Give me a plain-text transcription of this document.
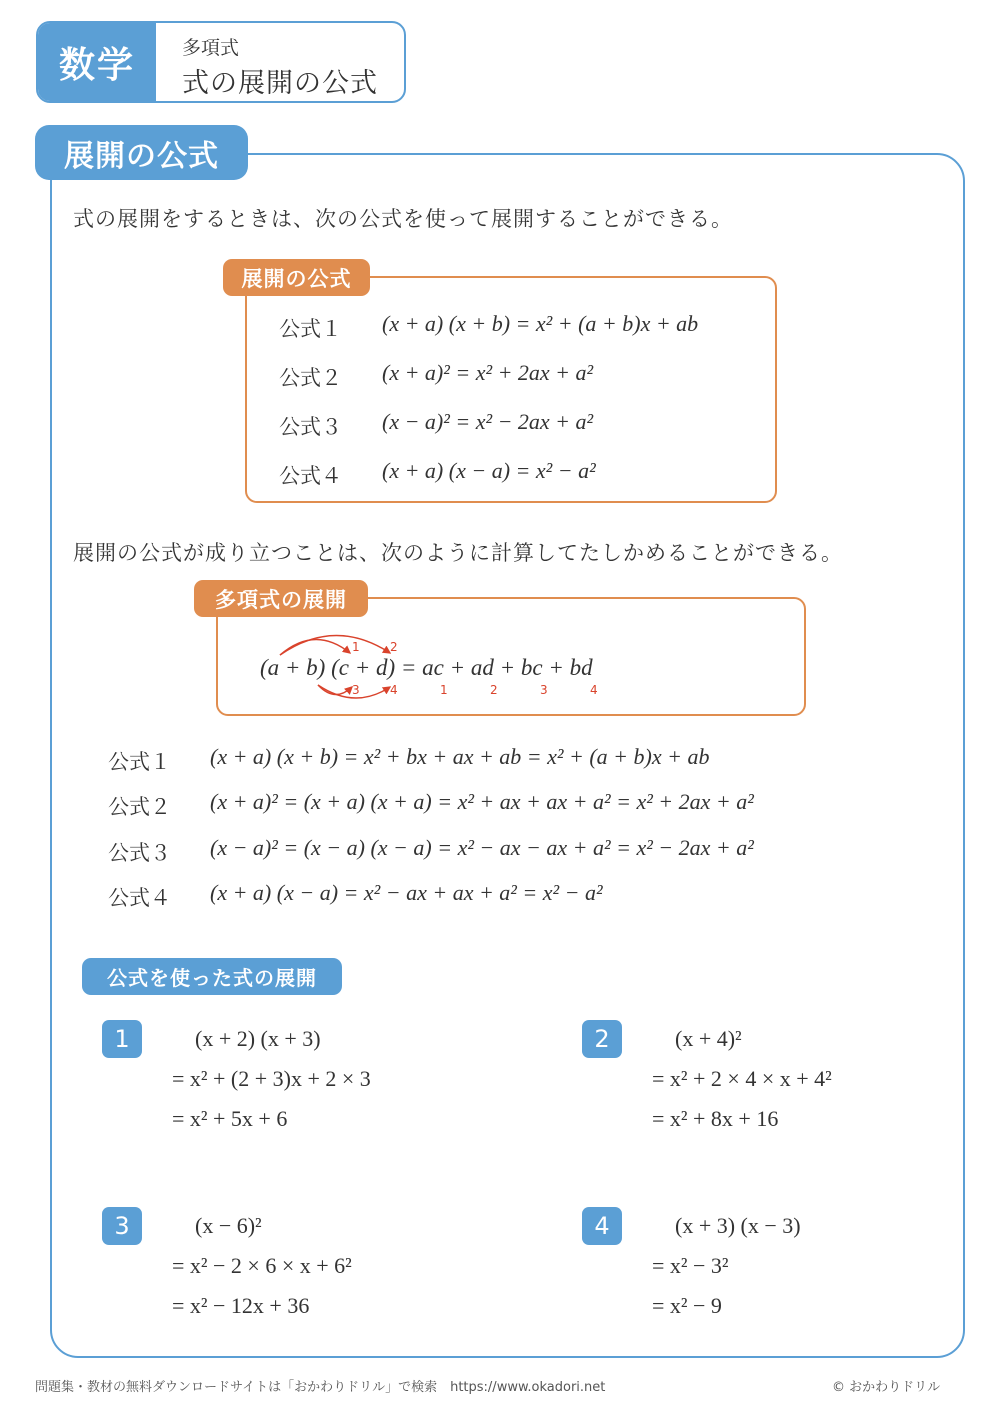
数学	多項式
式の展開の公式
展開の公式
式の展開をするときは、次の公式を使って展開することができる。
展開の公式
公式１ (x + a) (x + b) = x² + (a + b)x + ab
公式２ (x + a)² = x² + 2ax + a²
公式３ (x − a)² = x² − 2ax + a²
公式４ (x + a) (x − a) = x² − a²
展開の公式が成り立つことは、次のように計算してたしかめることができる。
多項式の展開
1	2
3	4
(a + b) (c + d) = ac + ad + bc + bd
1	2	3	4
公式１ (x + a) (x + b) = x² + bx + ax + ab = x² + (a + b)x + ab
公式２ (x + a)² = (x + a) (x + a) = x² + ax + ax + a² = x² + 2ax + a²
公式３ (x − a)² = (x − a) (x − a) = x² − ax − ax + a² = x² − 2ax + a²
公式４ (x + a) (x − a) = x² − ax + ax + a² = x² − a²
公式を使った式の展開
1	(x + 2) (x + 3)
= x² + (2 + 3)x + 2 × 3
= x² + 5x + 6
2	(x + 4)²
= x² + 2 × 4 × x + 4²
= x² + 8x + 16
3	(x − 6)²
= x² − 2 × 6 × x + 6²
= x² − 12x + 36
4	(x + 3) (x − 3)
= x² − 3²
= x² − 9
問題集・教材の無料ダウンロードサイトは「おかわりドリル」で検索　https://www.okadori.net	© おかわりドリル
